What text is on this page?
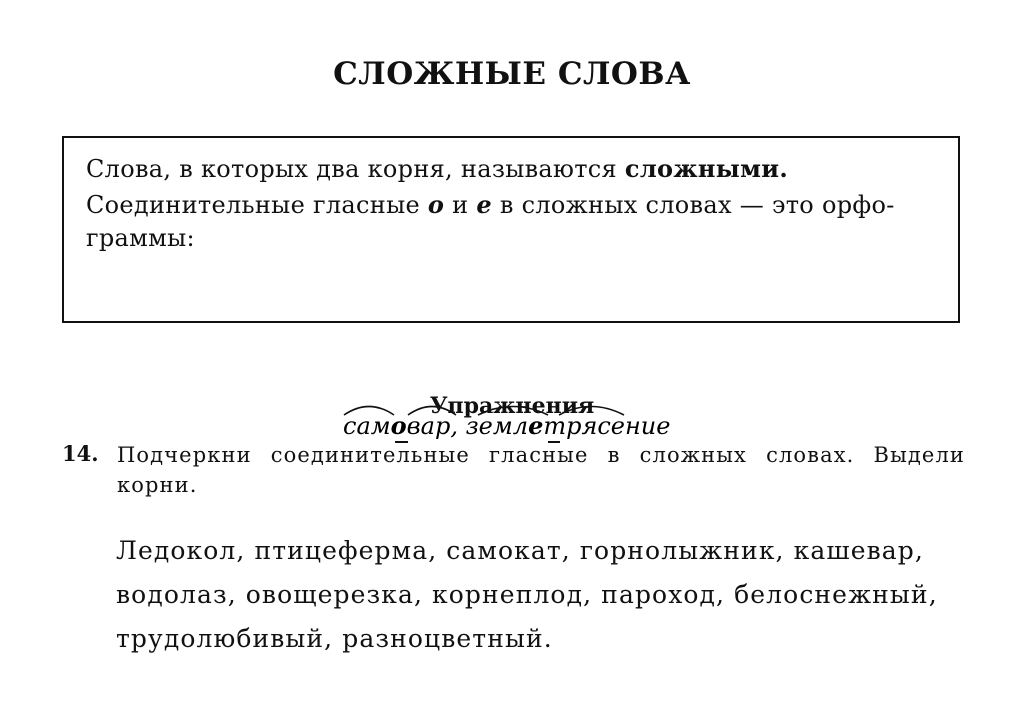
СЛОЖНЫЕ СЛОВА
Слова, в которых два корня, называются сложными.
Соединительные гласные о и е в сложных словах — это орфо-
граммы:
самовар, землетрясение
Упражнения
14. Подчеркни соединительные гласные в сложных словах. Выдели корни.
Ледокол, птицеферма, самокат, горнолыжник, кашевар,
водолаз, овощерезка, корнеплод, пароход, белоснежный,
трудолюбивый, разноцветный.
